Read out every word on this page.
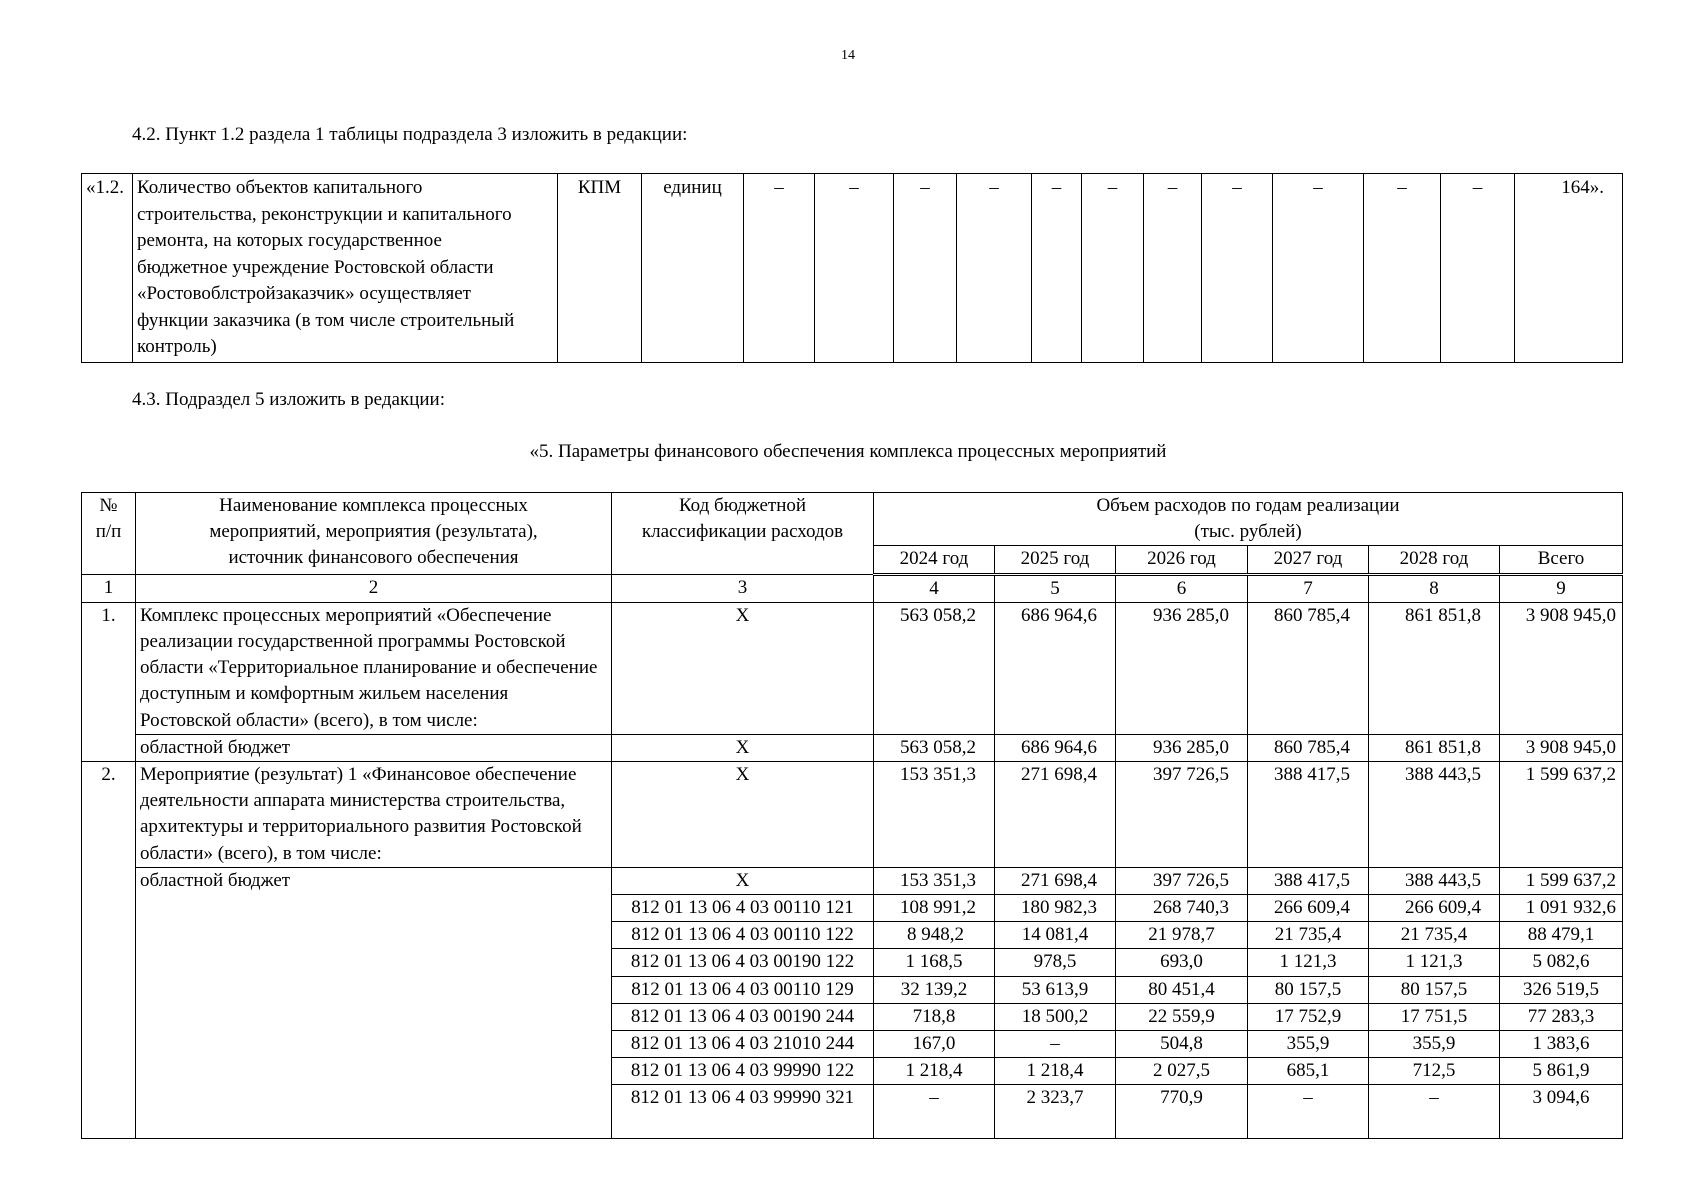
14
4.2. Пункт 1.2 раздела 1 таблицы подраздела 3 изложить в редакции:
«1.2.	Количество объектов капитального строительства, реконструкции и капитального ремонта, на которых государственное бюджетное учреждение Ростовской области «Ростовоблстройзаказчик» осуществляет функции заказчика (в том числе строительный контроль)	КПМ	единиц	–	–	–	–	–	–	–	–	–	–	–	164».
4.3. Подраздел 5 изложить в редакции:
«5. Параметры финансового обеспечения комплекса процессных мероприятий
№ п/п	Наименование комплекса процессных мероприятий, мероприятия (результата), источник финансового обеспечения	Код бюджетной классификации расходов	Объем расходов по годам реализации (тыс. рублей)					
			2024 год	2025 год	2026 год	2027 год	2028 год	Всего
1	2	3	4	5	6	7	8	9
1.	Комплекс процессных мероприятий «Обеспечение реализации государственной программы Ростовской области «Территориальное планирование и обеспечение доступным и комфортным жильем населения Ростовской области» (всего), в том числе:	Х	563 058,2	686 964,6	936 285,0	860 785,4	861 851,8	3 908 945,0
	областной бюджет	Х	563 058,2	686 964,6	936 285,0	860 785,4	861 851,8	3 908 945,0
2.	Мероприятие (результат) 1 «Финансовое обеспечение деятельности аппарата министерства строительства, архитектуры и территориального развития Ростовской области» (всего), в том числе:	Х	153 351,3	271 698,4	397 726,5	388 417,5	388 443,5	1 599 637,2
	областной бюджет	Х	153 351,3	271 698,4	397 726,5	388 417,5	388 443,5	1 599 637,2
		812 01 13 06 4 03 00110 121	108 991,2	180 982,3	268 740,3	266 609,4	266 609,4	1 091 932,6
		812 01 13 06 4 03 00110 122	8 948,2	14 081,4	21 978,7	21 735,4	21 735,4	88 479,1
		812 01 13 06 4 03 00190 122	1 168,5	978,5	693,0	1 121,3	1 121,3	5 082,6
		812 01 13 06 4 03 00110 129	32 139,2	53 613,9	80 451,4	80 157,5	80 157,5	326 519,5
		812 01 13 06 4 03 00190 244	718,8	18 500,2	22 559,9	17 752,9	17 751,5	77 283,3
		812 01 13 06 4 03 21010 244	167,0	–	504,8	355,9	355,9	1 383,6
		812 01 13 06 4 03 99990 122	1 218,4	1 218,4	2 027,5	685,1	712,5	5 861,9
		812 01 13 06 4 03 99990 321	–	2 323,7	770,9	–	–	3 094,6
